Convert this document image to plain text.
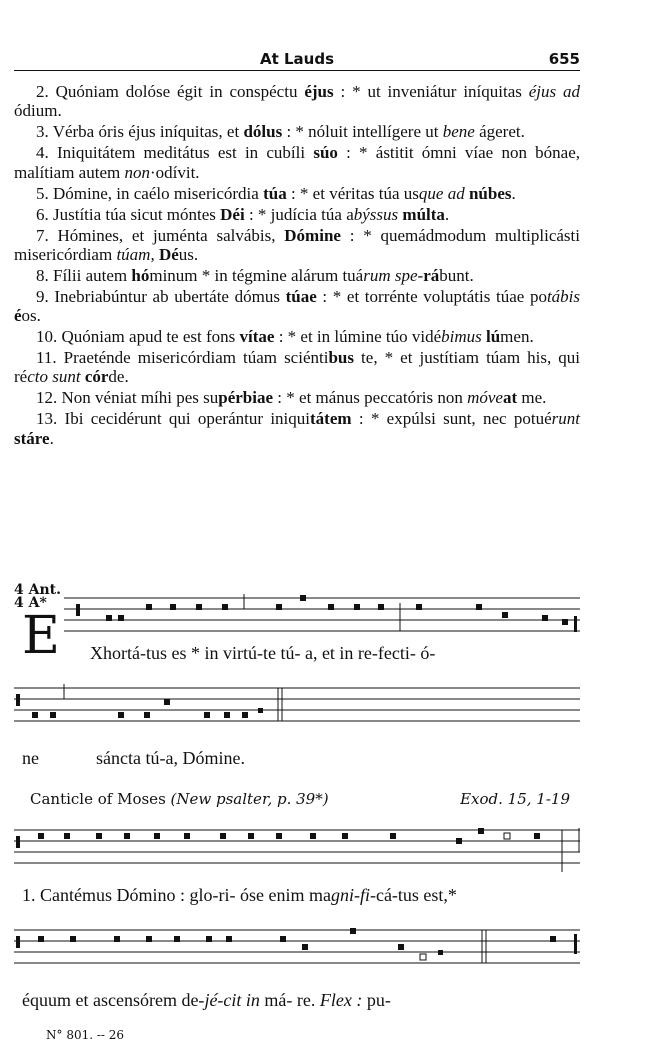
At Lauds	655

2. Quóniam dolóse égit in conspéctu éjus : * ut inveniátur iníquitas éjus ad ódium.

3. Vérba óris éjus iníquitas, et dólus : * nóluit intellígere ut bene ágeret.

4. Iniquitátem meditátus est in cubíli súo : * ástitit ómni víae non bónae, malítiam autem non·odívit.

5. Dómine, in caélo misericórdia túa : * et véritas túa usque ad núbes.

6. Justítia túa sicut móntes Déi : * judícia túa abýssus múlta.

7. Hómines, et juménta salvábis, Dómine : * quemádmodum multiplicásti misericórdiam túam, Déus.

8. Fílii autem hóminum * in tégmine alárum tuárum spe-rábunt.

9. Inebriabúntur ab ubertáte dómus túae : * et torrénte voluptátis túae potábis éos.

10. Quóniam apud te est fons vítae : * et in lúmine túo vidébimus lúmen.

11. Praeténde misericórdiam túam sciéntibus te, * et justítiam túam his, qui récto sunt córde.

12. Non véniat míhi pes supérbiae : * et mánus peccatóris non móveat me.

13. Ibi cecidérunt qui operántur iniquitátem : * expúlsi sunt, nec potuérunt stáre.

4 Ant.
4 A*
E Xhortá-tus es * in virtú-te tú- a, et in re-fecti- ó-
ne	sáncta tú-a, Dómine.
Canticle of Moses (New psalter, p. 39*)	Exod. 15, 1-19
1. Cantémus Dómino : glo-ri- óse enim magni-fi-cá-tus est,*
équum et ascensórem de-jé-cit in má- re. Flex : pu-
N° 801. -- 26
